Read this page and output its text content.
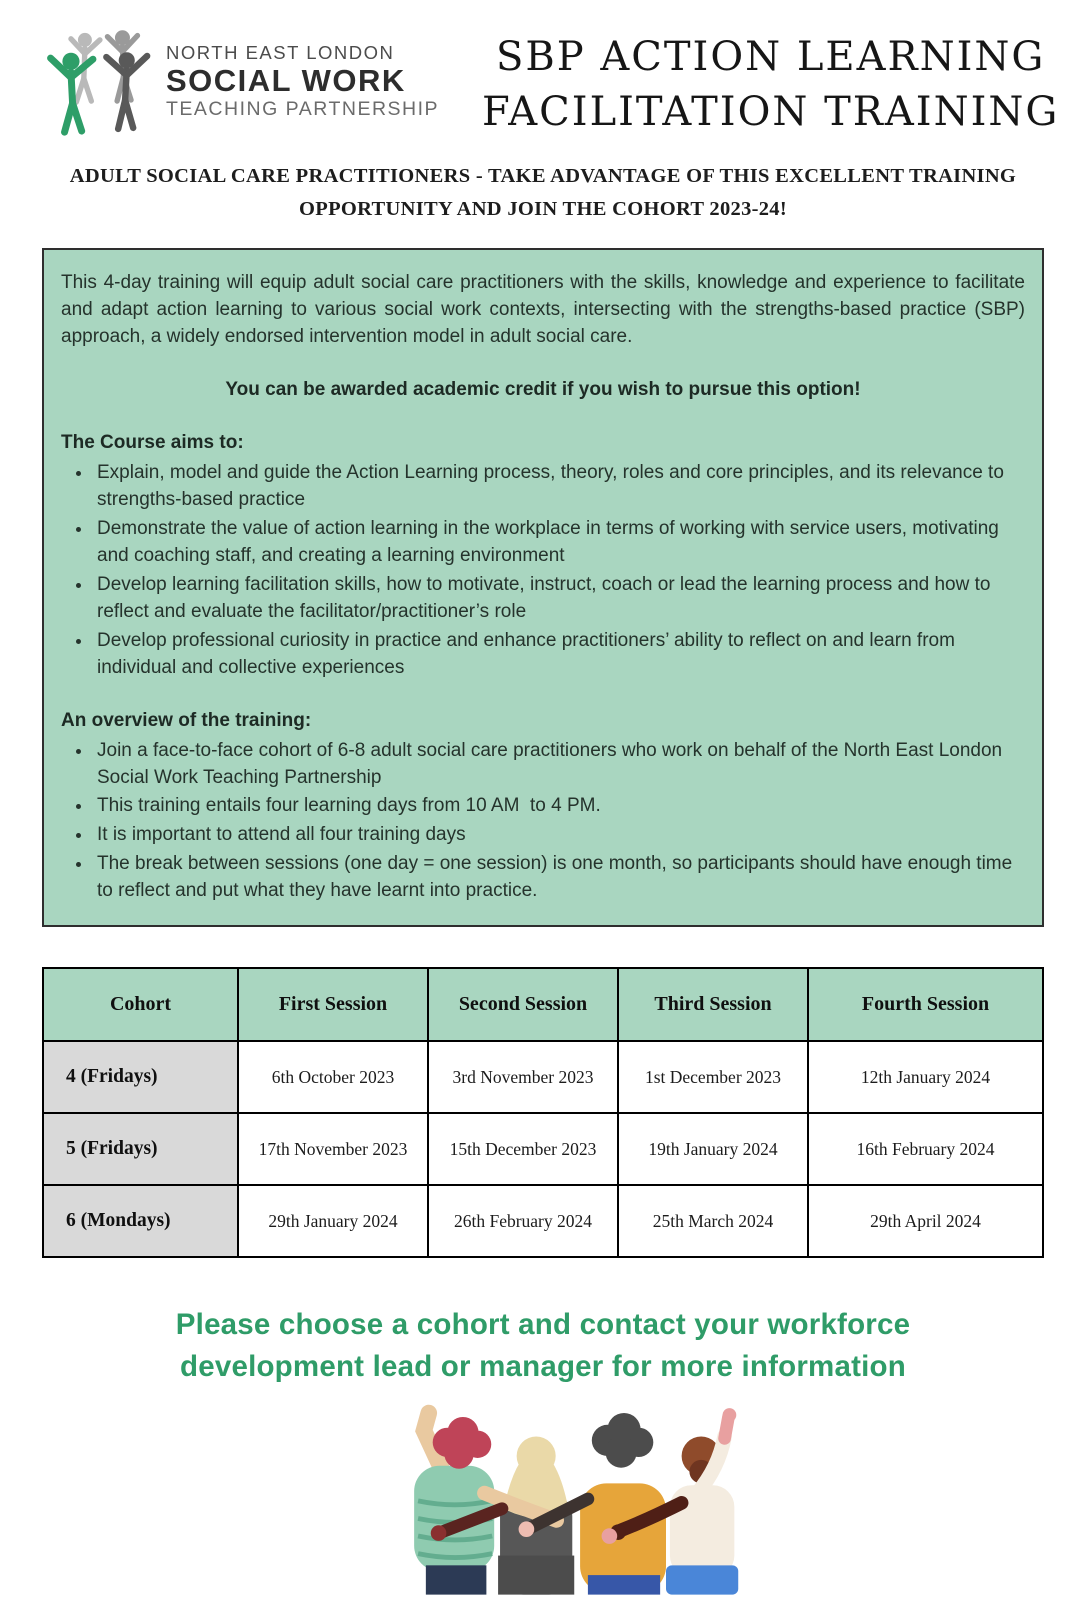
NORTH EAST LONDON
SOCIAL WORK
TEACHING PARTNERSHIP
SBP ACTION LEARNING
FACILITATION TRAINING
ADULT SOCIAL CARE PRACTITIONERS - TAKE ADVANTAGE OF THIS EXCELLENT TRAINING OPPORTUNITY AND JOIN THE COHORT 2023-24!

This 4-day training will equip adult social care practitioners with the skills, knowledge and experience to facilitate and adapt action learning to various social work contexts, intersecting with the strengths-based practice (SBP) approach, a widely endorsed intervention model in adult social care.

You can be awarded academic credit if you wish to pursue this option!

The Course aims to:

• Explain, model and guide the Action Learning process, theory, roles and core principles, and its relevance to strengths-based practice
• Demonstrate the value of action learning in the workplace in terms of working with service users, motivating and coaching staff, and creating a learning environment
• Develop learning facilitation skills, how to motivate, instruct, coach or lead the learning process and how to reflect and evaluate the facilitator/practitioner’s role
• Develop professional curiosity in practice and enhance practitioners’ ability to reflect on and learn from individual and collective experiences

An overview of the training:

• Join a face-to-face cohort of 6-8 adult social care practitioners who work on behalf of the North East London Social Work Teaching Partnership
• This training entails four learning days from 10 AM  to 4 PM.
• It is important to attend all four training days
• The break between sessions (one day = one session) is one month, so participants should have enough time to reflect and put what they have learnt into practice.
Cohort	First Session	Second Session	Third Session	Fourth Session
4 (Fridays)	6th October 2023	3rd November 2023	1st December 2023	12th January 2024
5 (Fridays)	17th November 2023	15th December 2023	19th January 2024	16th February 2024
6 (Mondays)	29th January 2024	26th February 2024	25th March 2024	29th April 2024
Please choose a cohort and contact your workforce
development lead or manager for more information
